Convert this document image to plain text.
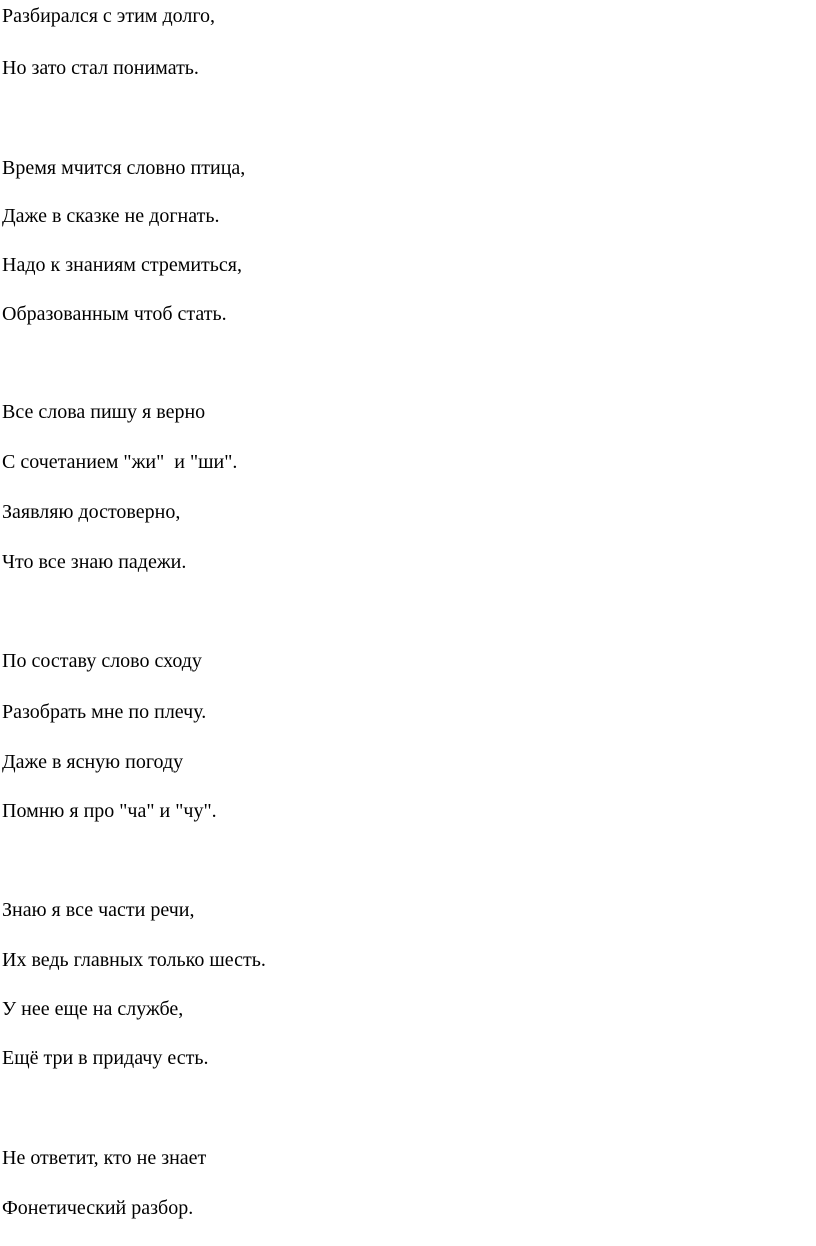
Разбирался с этим долго,

Но зато стал понимать.

Время мчится словно птица,

Даже в сказке не догнать.

Надо к знаниям стремиться,

Образованным чтоб стать.

Все слова пишу я верно

С сочетанием "жи"  и "ши".

Заявляю достоверно,

Что все знаю падежи.

По составу слово сходу

Разобрать мне по плечу.

Даже в ясную погоду

Помню я про "ча" и "чу".

Знаю я все части речи,

Их ведь главных только шесть.

У нее еще на службе,

Ещё три в придачу есть.

Не ответит, кто не знает

Фонетический разбор.
